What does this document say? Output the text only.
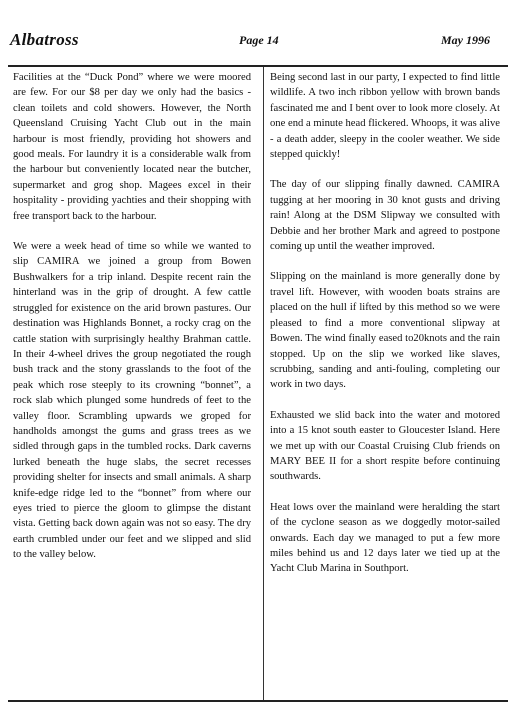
Albatross	Page 14	May 1996

Facilities at the “Duck Pond” where we were moored are few. For our $8 per day we only had the basics - clean toilets and cold showers. However, the North Queensland Cruising Yacht Club out in the main harbour is most friendly, providing hot showers and good meals. For laundry it is a considerable walk from the harbour but conveniently located near the butcher, supermarket and grog shop. Magees excel in their hospitality - providing yachties and their shopping with free transport back to the harbour.

We were a week head of time so while we wanted to slip CAMIRA we joined a group from Bowen Bushwalkers for a trip inland. Despite recent rain the hinterland was in the grip of drought. A few cattle struggled for existence on the arid brown pastures. Our destination was Highlands Bonnet, a rocky crag on the cattle station with surprisingly healthy Brahman cattle. In their 4-wheel drives the group negotiated the rough bush track and the stony grasslands to the foot of the peak which rose steeply to its crowning “bonnet”, a rock slab which plunged some hundreds of feet to the valley floor. Scrambling upwards we groped for handholds amongst the gums and grass trees as we sidled through gaps in the tumbled rocks. Dark caverns lurked beneath the huge slabs, the secret recesses providing shelter for insects and small animals. A sharp knife-edge ridge led to the “bonnet” from where our eyes tried to pierce the gloom to glimpse the distant vista. Getting back down again was not so easy. The dry earth crumbled under our feet and we slipped and slid to the valley below.

Being second last in our party, I expected to find little wildlife. A two inch ribbon yellow with brown bands fascinated me and I bent over to look more closely. At one end a minute head flickered. Whoops, it was alive - a death adder, sleepy in the cooler weather. We side stepped quickly!

The day of our slipping finally dawned. CAMIRA tugging at her mooring in 30 knot gusts and driving rain! Along at the DSM Slipway we consulted with Debbie and her brother Mark and agreed to postpone coming up until the weather improved.

Slipping on the mainland is more generally done by travel lift. However, with wooden boats strains are placed on the hull if lifted by this method so we were pleased to find a more conventional slipway at Bowen. The wind finally eased to20knots and the rain stopped. Up on the slip we worked like slaves, scrubbing, sanding and anti-fouling, completing our work in two days.

Exhausted we slid back into the water and motored into a 15 knot south easter to Gloucester Island. Here we met up with our Coastal Cruising Club friends on MARY BEE II for a short respite before continuing southwards.

Heat lows over the mainland were heralding the start of the cyclone season as we doggedly motor-sailed onwards. Each day we managed to put a few more miles behind us and 12 days later we tied up at the Yacht Club Marina in Southport.
